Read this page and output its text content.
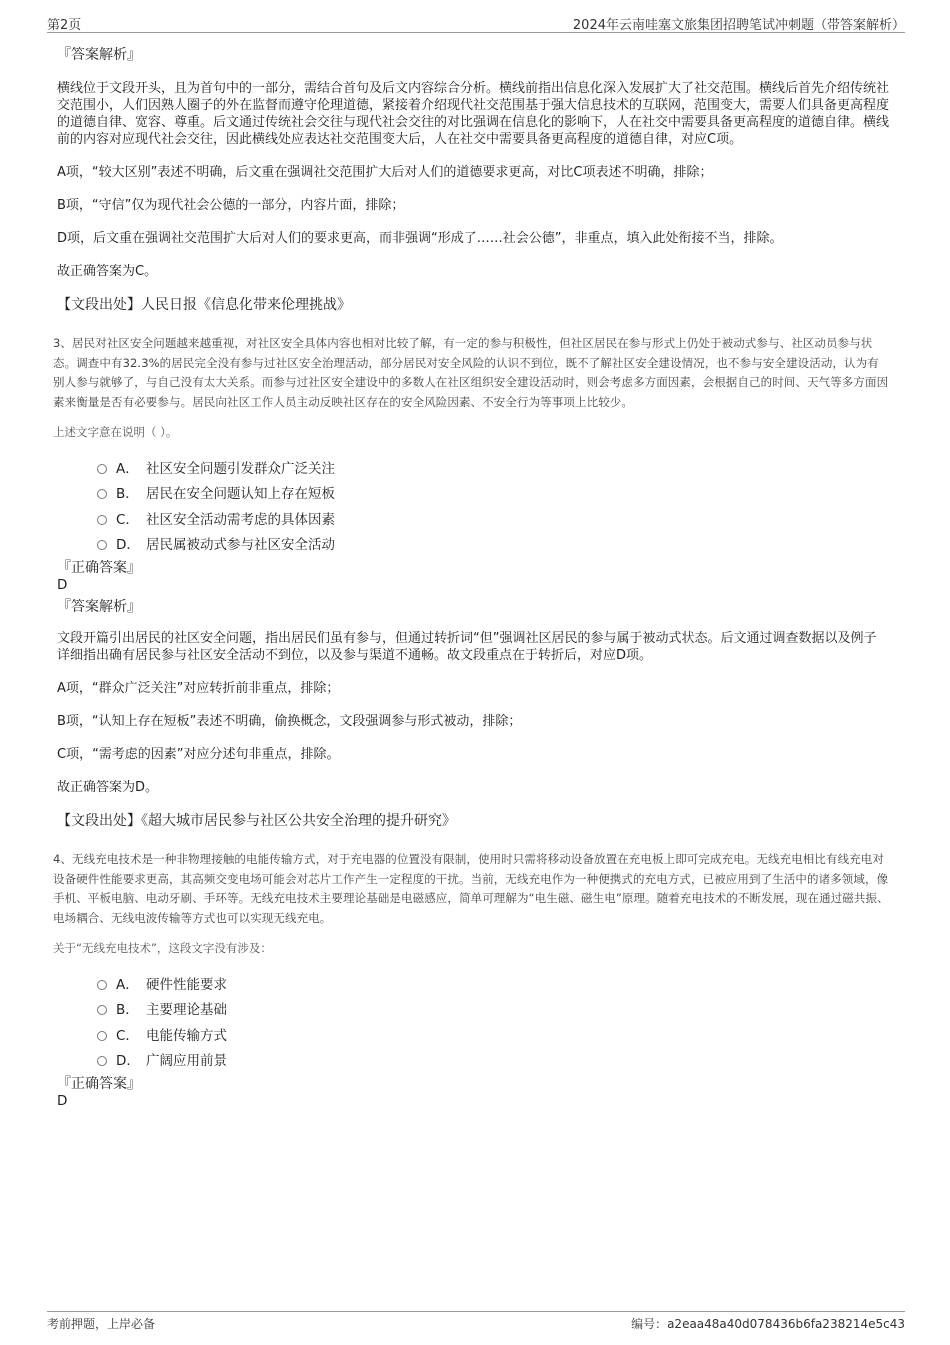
第2页	2024年云南哇塞文旅集团招聘笔试冲刺题（带答案解析）
『答案解析』

横线位于文段开头，且为首句中的一部分，需结合首句及后文内容综合分析。横线前指出信息化深入发展扩大了社交范围。横线后首先介绍传统社交范围小，人们因熟人圈子的外在监督而遵守伦理道德，紧接着介绍现代社交范围基于强大信息技术的互联网，范围变大，需要人们具备更高程度的道德自律、宽容、尊重。后文通过传统社会交往与现代社会交往的对比强调在信息化的影响下，人在社交中需要具备更高程度的道德自律。横线前的内容对应现代社会交往，因此横线处应表达社交范围变大后，人在社交中需要具备更高程度的道德自律，对应C项。

A项，“较大区别”表述不明确，后文重在强调社交范围扩大后对人们的道德要求更高，对比C项表述不明确，排除；

B项，“守信”仅为现代社会公德的一部分，内容片面，排除；

D项，后文重在强调社交范围扩大后对人们的要求更高，而非强调“形成了……社会公德”，非重点，填入此处衔接不当，排除。

故正确答案为C。

【文段出处】人民日报《信息化带来伦理挑战》

3、居民对社区安全问题越来越重视，对社区安全具体内容也相对比较了解，有一定的参与积极性，但社区居民在参与形式上仍处于被动式参与、社区动员参与状态。调查中有32.3%的居民完全没有参与过社区安全治理活动，部分居民对安全风险的认识不到位，既不了解社区安全建设情况，也不参与安全建设活动，认为有别人参与就够了，与自己没有太大关系。而参与过社区安全建设中的多数人在社区组织安全建设活动时，则会考虑多方面因素，会根据自己的时间、天气等多方面因素来衡量是否有必要参与。居民向社区工作人员主动反映社区存在的安全风险因素、不安全行为等事项上比较少。

上述文字意在说明（ ）。
A． 社区安全问题引发群众广泛关注
B． 居民在安全问题认知上存在短板
C． 社区安全活动需考虑的具体因素
D． 居民属被动式参与社区安全活动
『正确答案』
D
『答案解析』

文段开篇引出居民的社区安全问题，指出居民们虽有参与，但通过转折词“但”强调社区居民的参与属于被动式状态。后文通过调查数据以及例子详细指出确有居民参与社区安全活动不到位，以及参与渠道不通畅。故文段重点在于转折后，对应D项。

A项，“群众广泛关注”对应转折前非重点，排除；

B项，“认知上存在短板”表述不明确，偷换概念，文段强调参与形式被动，排除；

C项，“需考虑的因素”对应分述句非重点，排除。

故正确答案为D。

【文段出处】《超大城市居民参与社区公共安全治理的提升研究》

4、无线充电技术是一种非物理接触的电能传输方式，对于充电器的位置没有限制，使用时只需将移动设备放置在充电板上即可完成充电。无线充电相比有线充电对设备硬件性能要求更高，其高频交变电场可能会对芯片工作产生一定程度的干扰。当前，无线充电作为一种便携式的充电方式，已被应用到了生活中的诸多领域，像手机、平板电脑、电动牙刷、手环等。无线充电技术主要理论基础是电磁感应，简单可理解为“电生磁、磁生电”原理。随着充电技术的不断发展，现在通过磁共振、电场耦合、无线电波传输等方式也可以实现无线充电。

关于“无线充电技术”，这段文字没有涉及：
A． 硬件性能要求
B． 主要理论基础
C． 电能传输方式
D． 广阔应用前景
『正确答案』
D
考前押题，上岸必备	编号：a2eaa48a40d078436b6fa238214e5c43
